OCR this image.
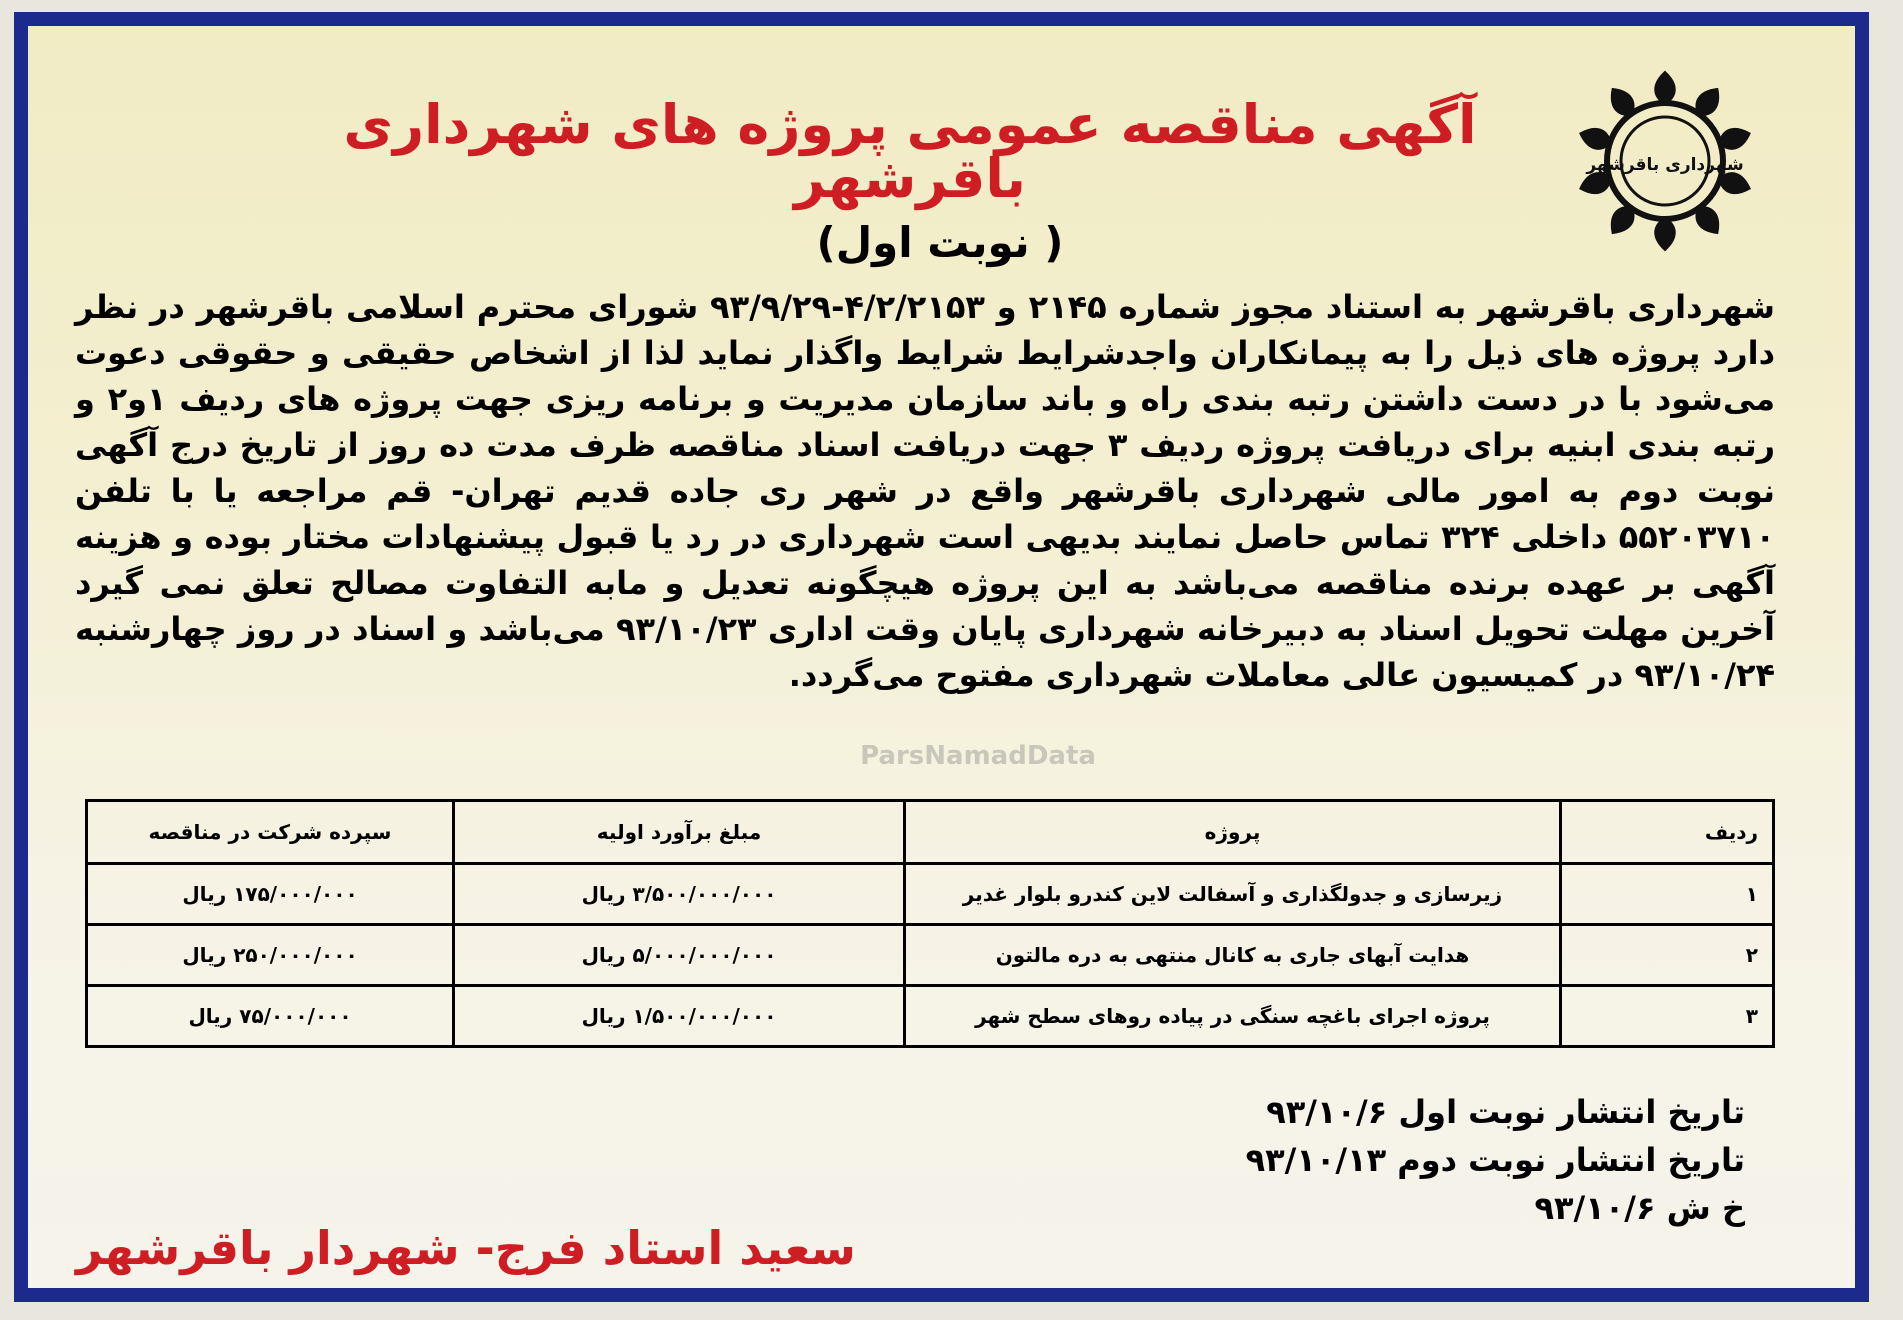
شهرداری باقرشهر
آگهی مناقصه عمومی پروژه های شهرداری باقرشهر
( نوبت اول)
شهرداری باقرشهر به استناد مجوز شماره ۲۱۴۵ و ۴/۲/۲۱۵۳-۹۳/۹/۲۹ شورای محترم اسلامی باقرشهر در نظر دارد پروژه های ذیل را به پیمانکاران واجدشرایط شرایط واگذار نماید لذا از اشخاص حقیقی و حقوقی دعوت می‌شود با در دست داشتن رتبه بندی راه و باند سازمان مدیریت و برنامه ریزی جهت پروژه های ردیف ۱و۲ و رتبه بندی ابنیه برای دریافت پروژه ردیف ۳ جهت دریافت اسناد مناقصه ظرف مدت ده روز از تاریخ درج آگهی نوبت دوم به امور مالی شهرداری باقرشهر واقع در شهر ری جاده قدیم تهران- قم مراجعه یا با تلفن ۵۵۲۰۳۷۱۰ داخلی ۳۲۴ تماس حاصل نمایند بدیهی است شهرداری در رد یا قبول پیشنهادات مختار بوده و هزینه آگهی بر عهده برنده مناقصه می‌باشد به این پروژه هیچگونه تعدیل و مابه التفاوت مصالح تعلق نمی گیرد آخرین مهلت تحویل اسناد به دبیرخانه شهرداری پایان وقت اداری ۹۳/۱۰/۲۳ می‌باشد و اسناد در روز چهارشنبه ۹۳/۱۰/۲۴ در کمیسیون عالی معاملات شهرداری مفتوح می‌گردد.
ParsNamadData
ردیف	پروژه	مبلغ برآورد اولیه	سپرده شرکت در مناقصه
۱	زیرسازی و جدولگذاری و آسفالت لاین کندرو بلوار غدیر	۳/۵۰۰/۰۰۰/۰۰۰ ریال	۱۷۵/۰۰۰/۰۰۰ ریال
۲	هدایت آبهای جاری به کانال منتهی به دره مالتون	۵/۰۰۰/۰۰۰/۰۰۰ ریال	۲۵۰/۰۰۰/۰۰۰ ریال
۳	پروژه اجرای باغچه سنگی در پیاده روهای سطح شهر	۱/۵۰۰/۰۰۰/۰۰۰ ریال	۷۵/۰۰۰/۰۰۰ ریال
تاریخ انتشار نوبت اول ۹۳/۱۰/۶
تاریخ انتشار نوبت دوم ۹۳/۱۰/۱۳
خ ش ۹۳/۱۰/۶
سعید استاد فرج- شهردار باقرشهر
